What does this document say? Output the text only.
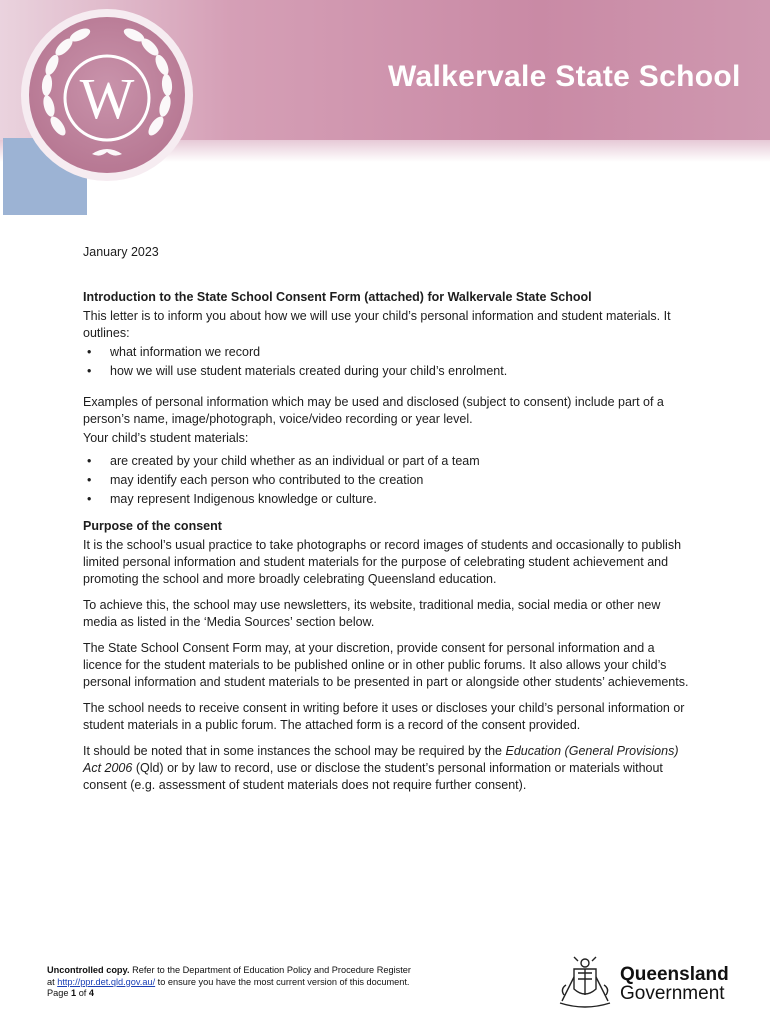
W	Walkervale State School

January 2023

Introduction to the State School Consent Form (attached) for Walkervale State School

This letter is to inform you about how we will use your child’s personal information and student materials. It outlines:

• what information we record
• how we will use student materials created during your child’s enrolment.

Examples of personal information which may be used and disclosed (subject to consent) include part of a person’s name, image/photograph, voice/video recording or year level.

Your child’s student materials:

• are created by your child whether as an individual or part of a team
• may identify each person who contributed to the creation
• may represent Indigenous knowledge or culture.

Purpose of the consent

It is the school’s usual practice to take photographs or record images of students and occasionally to publish limited personal information and student materials for the purpose of celebrating student achievement and promoting the school and more broadly celebrating Queensland education.

To achieve this, the school may use newsletters, its website, traditional media, social media or other new media as listed in the ‘Media Sources’ section below.

The State School Consent Form may, at your discretion, provide consent for personal information and a licence for the student materials to be published online or in other public forums. It also allows your child’s personal information and student materials to be presented in part or alongside other students’ achievements.

The school needs to receive consent in writing before it uses or discloses your child’s personal information or student materials in a public forum. The attached form is a record of the consent provided.

It should be noted that in some instances the school may be required by the Education (General Provisions) Act 2006 (Qld) or by law to record, use or disclose the student’s personal information or materials without consent (e.g. assessment of student materials does not require further consent).

Uncontrolled copy. Refer to the Department of Education Policy and Procedure Register
at http://ppr.det.qld.gov.au/ to ensure you have the most current version of this document.
Page 1 of 4
Queensland
Government
